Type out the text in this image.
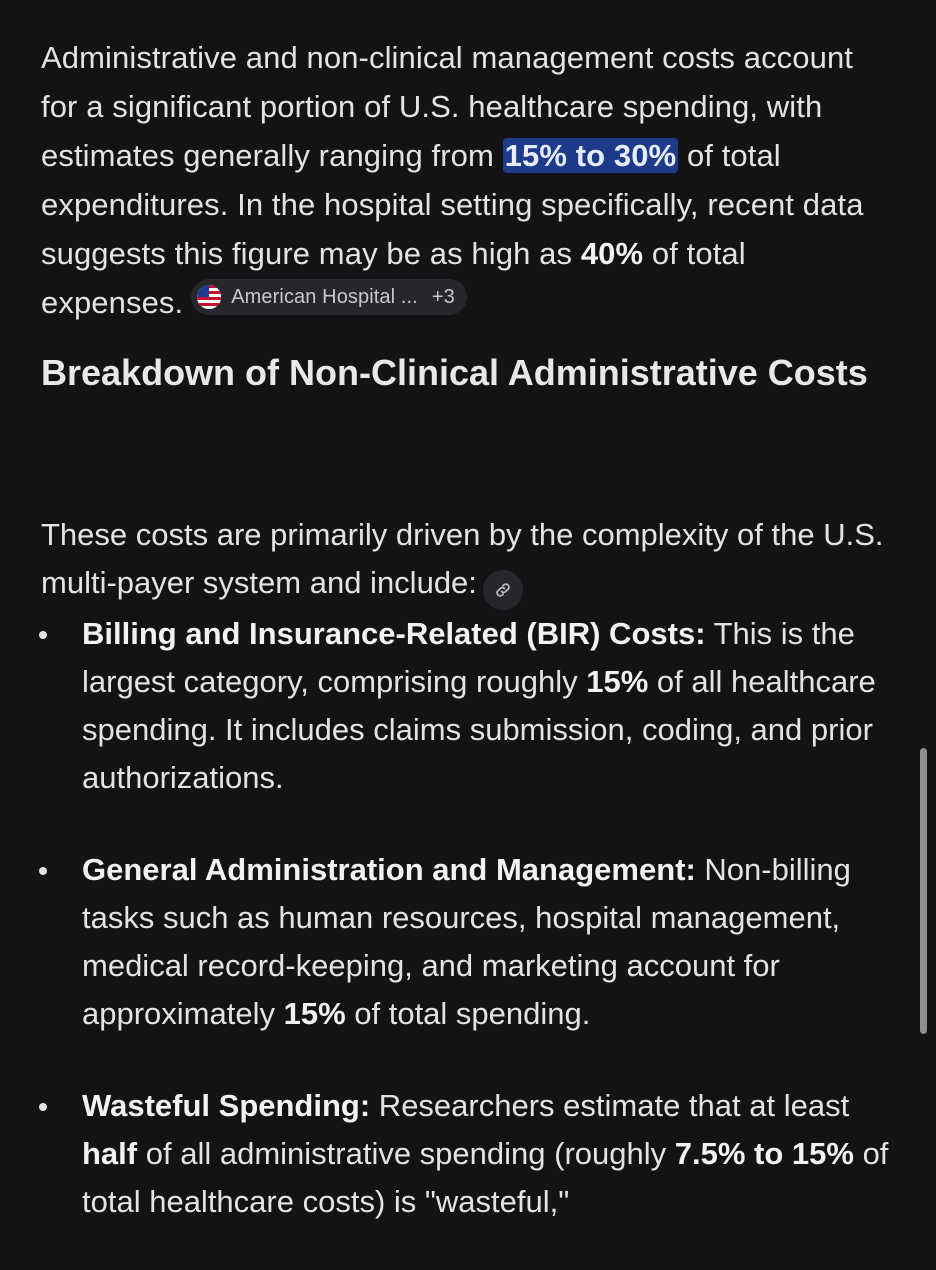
Administrative and non-clinical management costs account for a significant portion of U.S. healthcare spending, with estimates generally ranging from 15% to 30% of total expenditures. In the hospital setting specifically, recent data suggests this figure may be as high as 40% of total expenses. American Hospital ... +3

Breakdown of Non-Clinical Administrative Costs

These costs are primarily driven by the complexity of the U.S. multi-payer system and include:

Billing and Insurance-Related (BIR) Costs: This is the largest category, comprising roughly 15% of all healthcare spending. It includes claims submission, coding, and prior authorizations.
General Administration and Management: Non-billing tasks such as human resources, hospital management, medical record-keeping, and marketing account for approximately 15% of total spending.
Wasteful Spending: Researchers estimate that at least half of all administrative spending (roughly 7.5% to 15% of total healthcare costs) is "wasteful,"
